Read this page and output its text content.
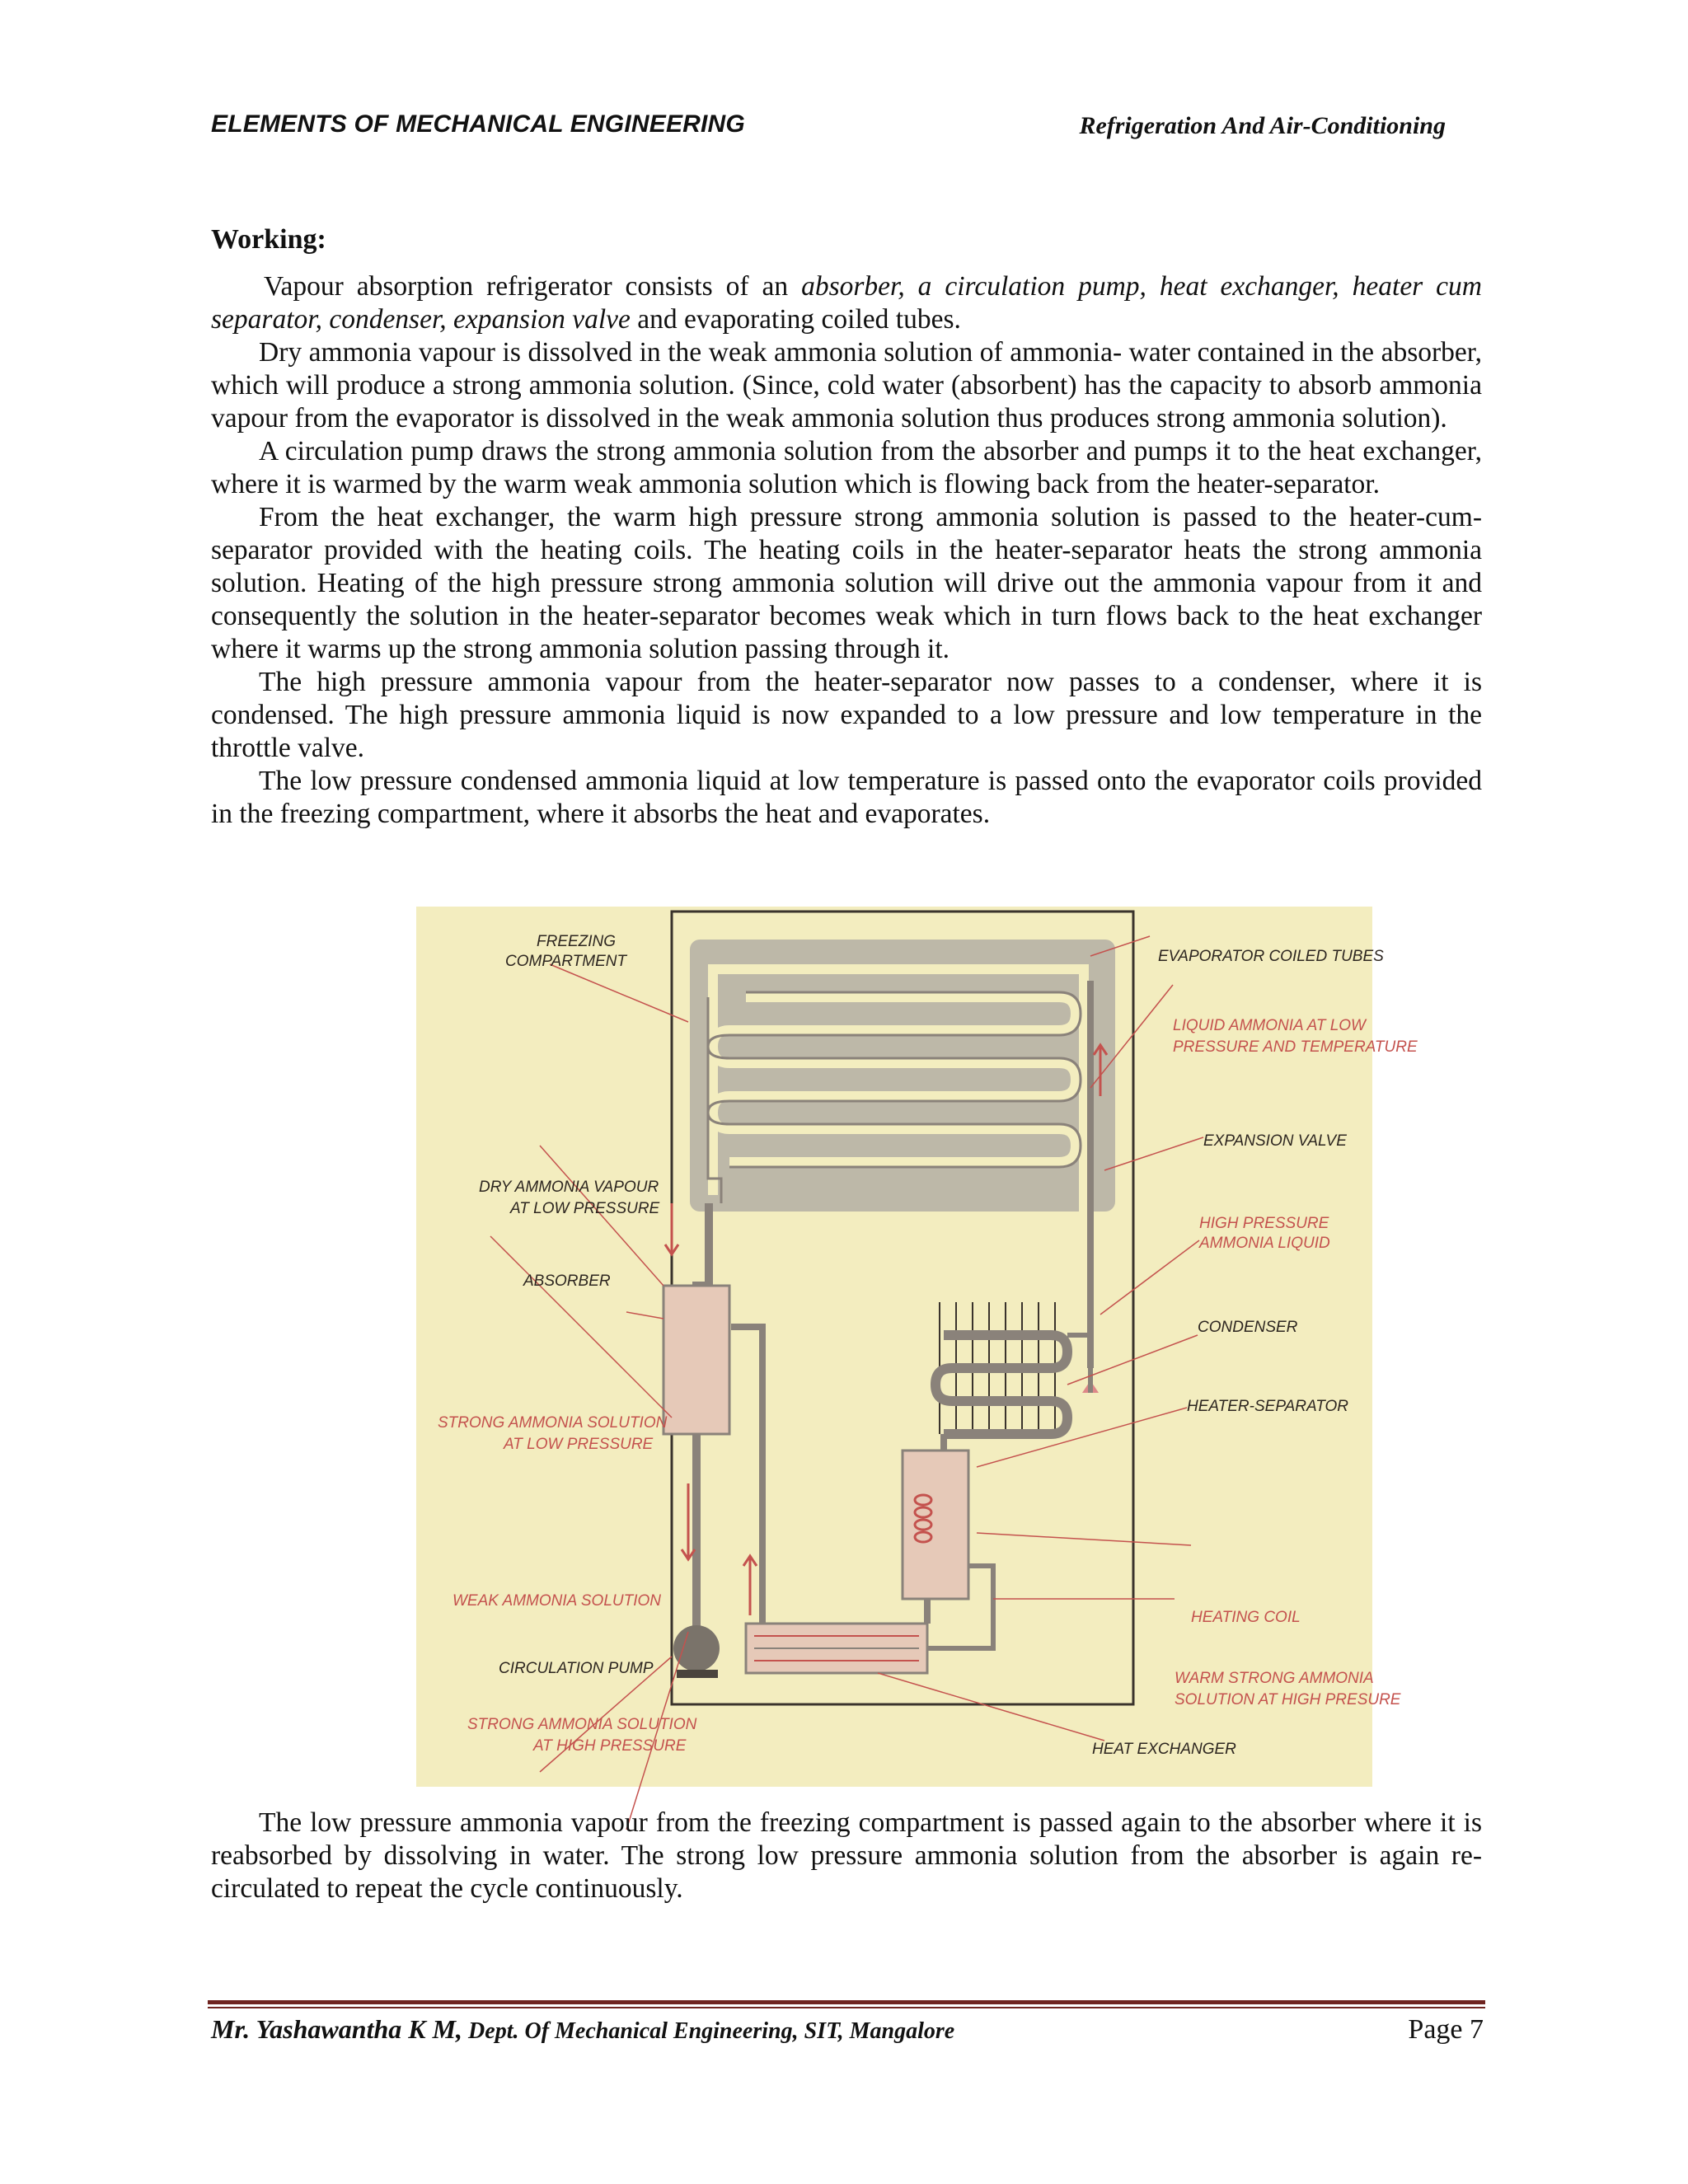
ELEMENTS OF MECHANICAL ENGINEERING	Refrigeration And Air-Conditioning
Working:

Vapour absorption refrigerator consists of an absorber, a circulation pump, heat exchanger, heater cum separator, condenser, expansion valve and evaporating coiled tubes.

Dry ammonia vapour is dissolved in the weak ammonia solution of ammonia- water contained in the absorber, which will produce a strong ammonia solution. (Since, cold water (absorbent) has the capacity to absorb ammonia vapour from the evaporator is dissolved in the weak ammonia solution thus produces strong ammonia solution).

A circulation pump draws the strong ammonia solution from the absorber and pumps it to the heat exchanger, where it is warmed by the warm weak ammonia solution which is flowing back from the heater-separator.

From the heat exchanger, the warm high pressure strong ammonia solution is passed to the heater-cum-separator provided with the heating coils. The heating coils in the heater-separator heats the strong ammonia solution. Heating of the high pressure strong ammonia solution will drive out the ammonia vapour from it and consequently the solution in the heater-separator becomes weak which in turn flows back to the heat exchanger where it warms up the strong ammonia solution passing through it.

The high pressure ammonia vapour from the heater-separator now passes to a condenser, where it is condensed. The high pressure ammonia liquid is now expanded to a low pressure and low temperature in the throttle valve.

The low pressure condensed ammonia liquid at low temperature is passed onto the evaporator coils provided in the freezing compartment, where it absorbs the heat and evaporates.

FREEZING
COMPARTMENT
DRY AMMONIA VAPOUR
AT LOW PRESSURE
ABSORBER
STRONG AMMONIA SOLUTION
AT LOW PRESSURE
WEAK AMMONIA SOLUTION
CIRCULATION PUMP
STRONG AMMONIA SOLUTION
AT HIGH PRESSURE
EVAPORATOR COILED TUBES
LIQUID AMMONIA AT LOW
PRESSURE AND TEMPERATURE
EXPANSION VALVE
HIGH PRESSURE
AMMONIA LIQUID
CONDENSER
HEATER-SEPARATOR
HEATING COIL
WARM STRONG AMMONIA
SOLUTION AT HIGH PRESURE
HEAT EXCHANGER

The low pressure ammonia vapour from the freezing compartment is passed again to the absorber where it is reabsorbed by dissolving in water. The strong low pressure ammonia solution from the absorber is again re-circulated to repeat the cycle continuously.

Mr. Yashawantha K M, Dept. Of Mechanical Engineering, SIT, Mangalore	Page 7
